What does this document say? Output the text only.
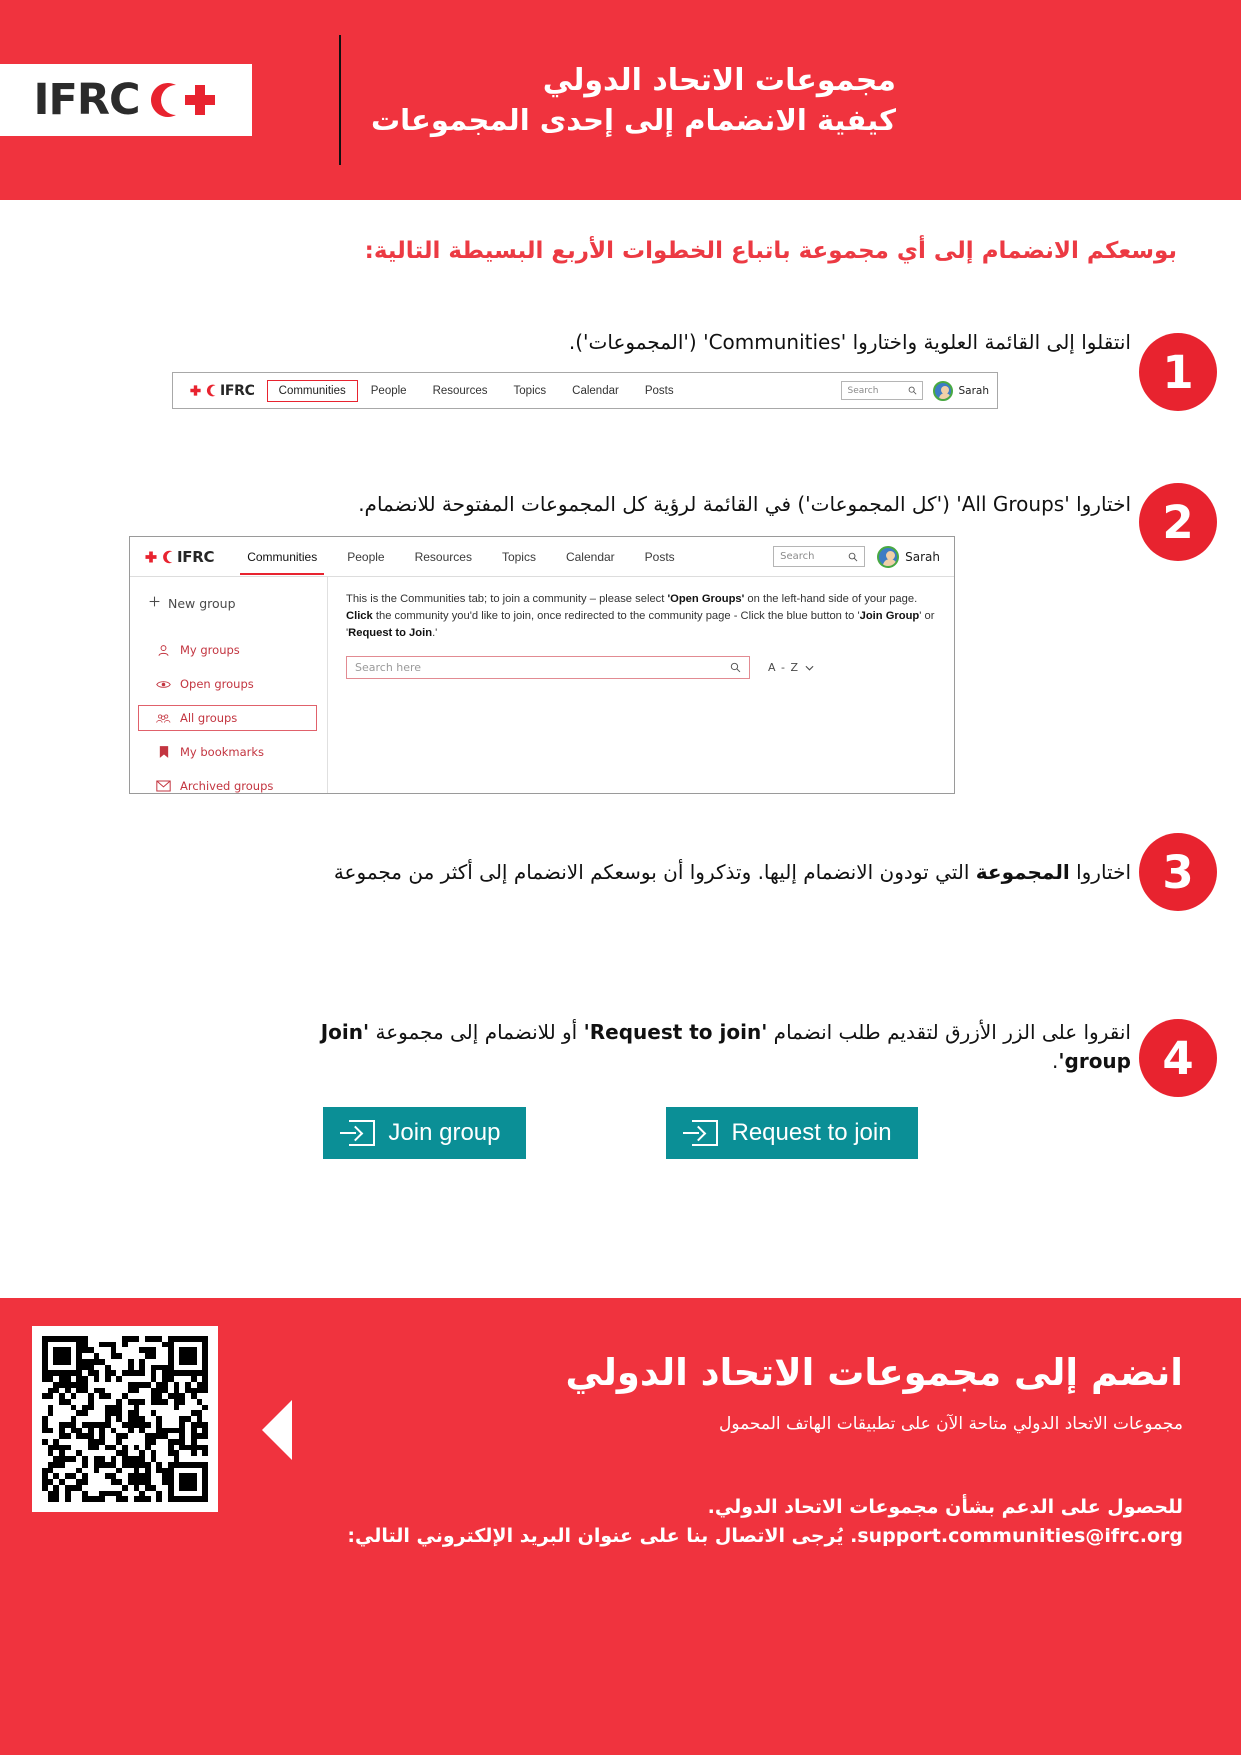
IFRC	مجموعات الاتحاد الدولي
كيفية الانضمام إلى إحدى المجموعات
بوسعكم الانضمام إلى أي مجموعة باتباع الخطوات الأربع البسيطة التالية:
1
انتقلوا إلى القائمة العلوية واختاروا 'Communities' ('المجموعات').
IFRC	Communities	People	Resources	Topics	Calendar	Posts	Search	Sarah
2
اختاروا 'All Groups' ('كل المجموعات') في القائمة لرؤية كل المجموعات المفتوحة للانضمام.
IFRC	Communities	People	Resources	Topics	Calendar	Posts	Search	Sarah
New group
My groups
Open groups
All groups
My bookmarks
Archived groups
This is the Communities tab; to join a community – please select 'Open Groups' on the left-hand side of your page. Click the community you'd like to join, once redirected to the community page - Click the blue button to 'Join Group' or 'Request to Join.'
Search here	A - Z
3
اختاروا المجموعة التي تودون الانضمام إليها. وتذكروا أن بوسعكم الانضمام إلى أكثر من مجموعة
4
انقروا على الزر الأزرق لتقديم طلب انضمام 'Request to join' أو للانضمام إلى مجموعة 'Join group'.
Join group	Request to join
انضم إلى مجموعات الاتحاد الدولي
مجموعات الاتحاد الدولي متاحة الآن على تطبيقات الهاتف المحمول
للحصول على الدعم بشأن مجموعات الاتحاد الدولي.
support.communities@ifrc.org. يُرجى الاتصال بنا على عنوان البريد الإلكتروني التالي:
